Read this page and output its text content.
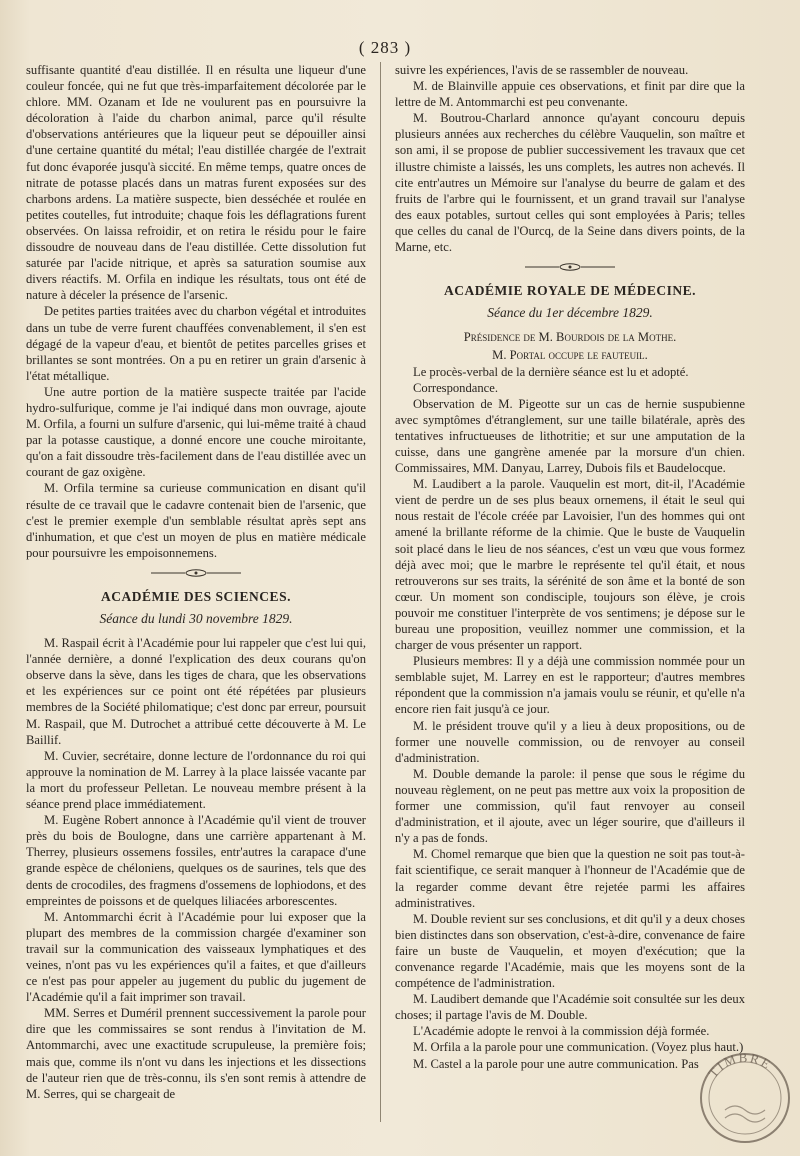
( 283 )

suffisante quantité d'eau distillée. Il en résulta une liqueur d'une couleur foncée, qui ne fut que très-imparfaitement décolorée par le chlore. MM. Ozanam et Ide ne voulurent pas en poursuivre la décoloration à l'aide du charbon animal, parce qu'il résulte d'observations antérieures que la liqueur peut se dépouiller ainsi d'une certaine quantité du métal; l'eau distillée chargée de l'extrait fut donc évaporée jusqu'à siccité. En même temps, quatre onces de nitrate de potasse placés dans un matras furent exposées sur des charbons ardens. La matière suspecte, bien desséchée et roulée en petites coutelles, fut introduite; chaque fois les déflagrations furent observées. On laissa refroidir, et on retira le résidu pour le faire dissoudre de nouveau dans de l'eau distillée. Cette dissolution fut saturée par l'acide nitrique, et après sa saturation soumise aux divers réactifs. M. Orfila en indique les résultats, tous ont été de nature à déceler la présence de l'arsenic.

De petites parties traitées avec du charbon végétal et introduites dans un tube de verre furent chauffées convenablement, il s'en est dégagé de la vapeur d'eau, et bientôt de petites parcelles grises et brillantes se sont montrées. On a pu en retirer un grain d'arsenic à l'état métallique.

Une autre portion de la matière suspecte traitée par l'acide hydro-sulfurique, comme je l'ai indiqué dans mon ouvrage, ajoute M. Orfila, a fourni un sulfure d'arsenic, qui lui-même traité à chaud par la potasse caustique, a donné encore une couche miroitante, qu'on a fait dissoudre très-facilement dans de l'eau distillée avec un courant de gaz oxigène.

M. Orfila termine sa curieuse communication en disant qu'il résulte de ce travail que le cadavre contenait bien de l'arsenic, que c'est le premier exemple d'un semblable résultat après sept ans d'inhumation, et que c'est un moyen de plus en matière médicale pour poursuivre les empoisonnemens.

ACADÉMIE DES SCIENCES.
Séance du lundi 30 novembre 1829.

M. Raspail écrit à l'Académie pour lui rappeler que c'est lui qui, l'année dernière, a donné l'explication des deux courans qu'on observe dans la sève, dans les tiges de chara, que les observations et les expériences sur ce point ont été répétées par plusieurs membres de la Société philomatique; c'est donc par erreur, poursuit M. Raspail, que M. Dutrochet a attribué cette découverte à M. Le Baillif.

M. Cuvier, secrétaire, donne lecture de l'ordonnance du roi qui approuve la nomination de M. Larrey à la place laissée vacante par la mort du professeur Pelletan. Le nouveau membre présent à la séance prend place immédiatement.

M. Eugène Robert annonce à l'Académie qu'il vient de trouver près du bois de Boulogne, dans une carrière appartenant à M. Therrey, plusieurs ossemens fossiles, entr'autres la carapace d'une grande espèce de chéloniens, quelques os de saurines, tels que des dents de crocodiles, des fragmens d'ossemens de lophiodons, et des empreintes de poissons et de quelques liliacées arborescentes.

M. Antommarchi écrit à l'Académie pour lui exposer que la plupart des membres de la commission chargée d'examiner son travail sur la communication des vaisseaux lymphatiques et des veines, n'ont pas vu les expériences qu'il a faites, et que d'ailleurs ce n'est pas pour appeler au jugement du public du jugement de l'Académie qu'il a fait imprimer son travail.

MM. Serres et Duméril prennent successivement la parole pour dire que les commissaires se sont rendus à l'invitation de M. Antommarchi, avec une exactitude scrupuleuse, la première fois; mais que, comme ils n'ont vu dans les injections et les dissections de l'auteur rien que de très-connu, ils s'en sont remis à attendre de M. Serres, qui se chargeait de

suivre les expériences, l'avis de se rassembler de nouveau.

M. de Blainville appuie ces observations, et finit par dire que la lettre de M. Antommarchi est peu convenante.

M. Boutrou-Charlard annonce qu'ayant concouru depuis plusieurs années aux recherches du célèbre Vauquelin, son maître et son ami, il se propose de publier successivement les travaux que cet illustre chimiste a laissés, les uns complets, les autres non achevés. Il cite entr'autres un Mémoire sur l'analyse du beurre de galam et des fruits de l'arbre qui le fournissent, et un grand travail sur l'analyse des eaux potables, surtout celles qui sont employées à Paris; telles que celles du canal de l'Ourcq, de la Seine dans divers points, de la Marne, etc.

ACADÉMIE ROYALE DE MÉDECINE.
Séance du 1er décembre 1829.
Présidence de M. Bourdois de la Mothe.
M. Portal occupe le fauteuil.

Le procès-verbal de la dernière séance est lu et adopté.

Correspondance.

Observation de M. Pigeotte sur un cas de hernie suspubienne avec symptômes d'étranglement, sur une taille bilatérale, après des tentatives infructueuses de lithotritie; et sur une amputation de la cuisse, dans une gangrène amenée par la morsure d'un chien. Commissaires, MM. Danyau, Larrey, Dubois fils et Baudelocque.

M. Laudibert a la parole. Vauquelin est mort, dit-il, l'Académie vient de perdre un de ses plus beaux ornemens, il était le seul qui nous restait de l'école créée par Lavoisier, l'un des hommes qui ont amené la brillante réforme de la chimie. Que le buste de Vauquelin soit placé dans le lieu de nos séances, c'est un vœu que vous formez déjà avec moi; que le marbre le représente tel qu'il était, et nous retrouverons sur ses traits, la sérénité de son âme et la bonté de son cœur. Un moment son condisciple, toujours son élève, je crois pouvoir me constituer l'interprète de vos sentimens; je dépose sur le bureau une proposition, veuillez nommer une commission, et la charger de vous présenter un rapport.

Plusieurs membres: Il y a déjà une commission nommée pour un semblable sujet, M. Larrey en est le rapporteur; d'autres membres répondent que la commission n'a jamais voulu se réunir, et qu'elle n'a encore rien fait jusqu'à ce jour.

M. le président trouve qu'il y a lieu à deux propositions, ou de former une nouvelle commission, ou de renvoyer au conseil d'administration.

M. Double demande la parole: il pense que sous le régime du nouveau règlement, on ne peut pas mettre aux voix la proposition de former une commission, qu'il faut renvoyer au conseil d'administration, et il ajoute, avec un léger sourire, que d'ailleurs il n'y a pas de fonds.

M. Chomel remarque que bien que la question ne soit pas tout-à-fait scientifique, ce serait manquer à l'honneur de l'Académie que de la regarder comme devant être rejetée parmi les affaires administratives.

M. Double revient sur ses conclusions, et dit qu'il y a deux choses bien distinctes dans son observation, c'est-à-dire, convenance de faire faire un buste de Vauquelin, et moyen d'exécution; que la convenance regarde l'Académie, mais que les moyens sont de la compétence de l'administration.

M. Laudibert demande que l'Académie soit consultée sur les deux choses; il partage l'avis de M. Double.

L'Académie adopte le renvoi à la commission déjà formée.

M. Orfila a la parole pour une communication. (Voyez plus haut.)

M. Castel a la parole pour une autre communication. Pas TIMBRE
